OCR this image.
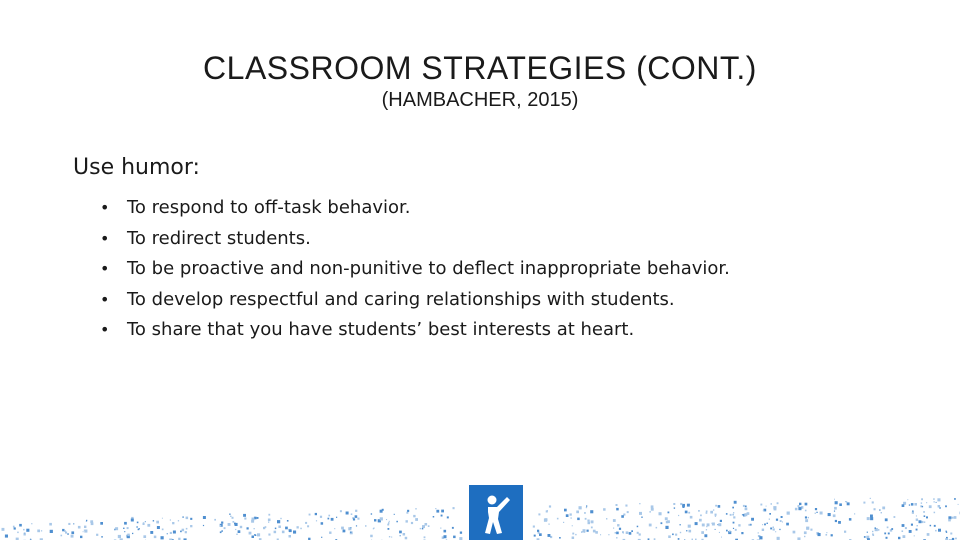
CLASSROOM STRATEGIES (CONT.)
(HAMBACHER, 2015)
Use humor:
• To respond to off-task behavior.
• To redirect students.
• To be proactive and non-punitive to deflect inappropriate behavior.
• To develop respectful and caring relationships with students.
• To share that you have students’ best interests at heart.
